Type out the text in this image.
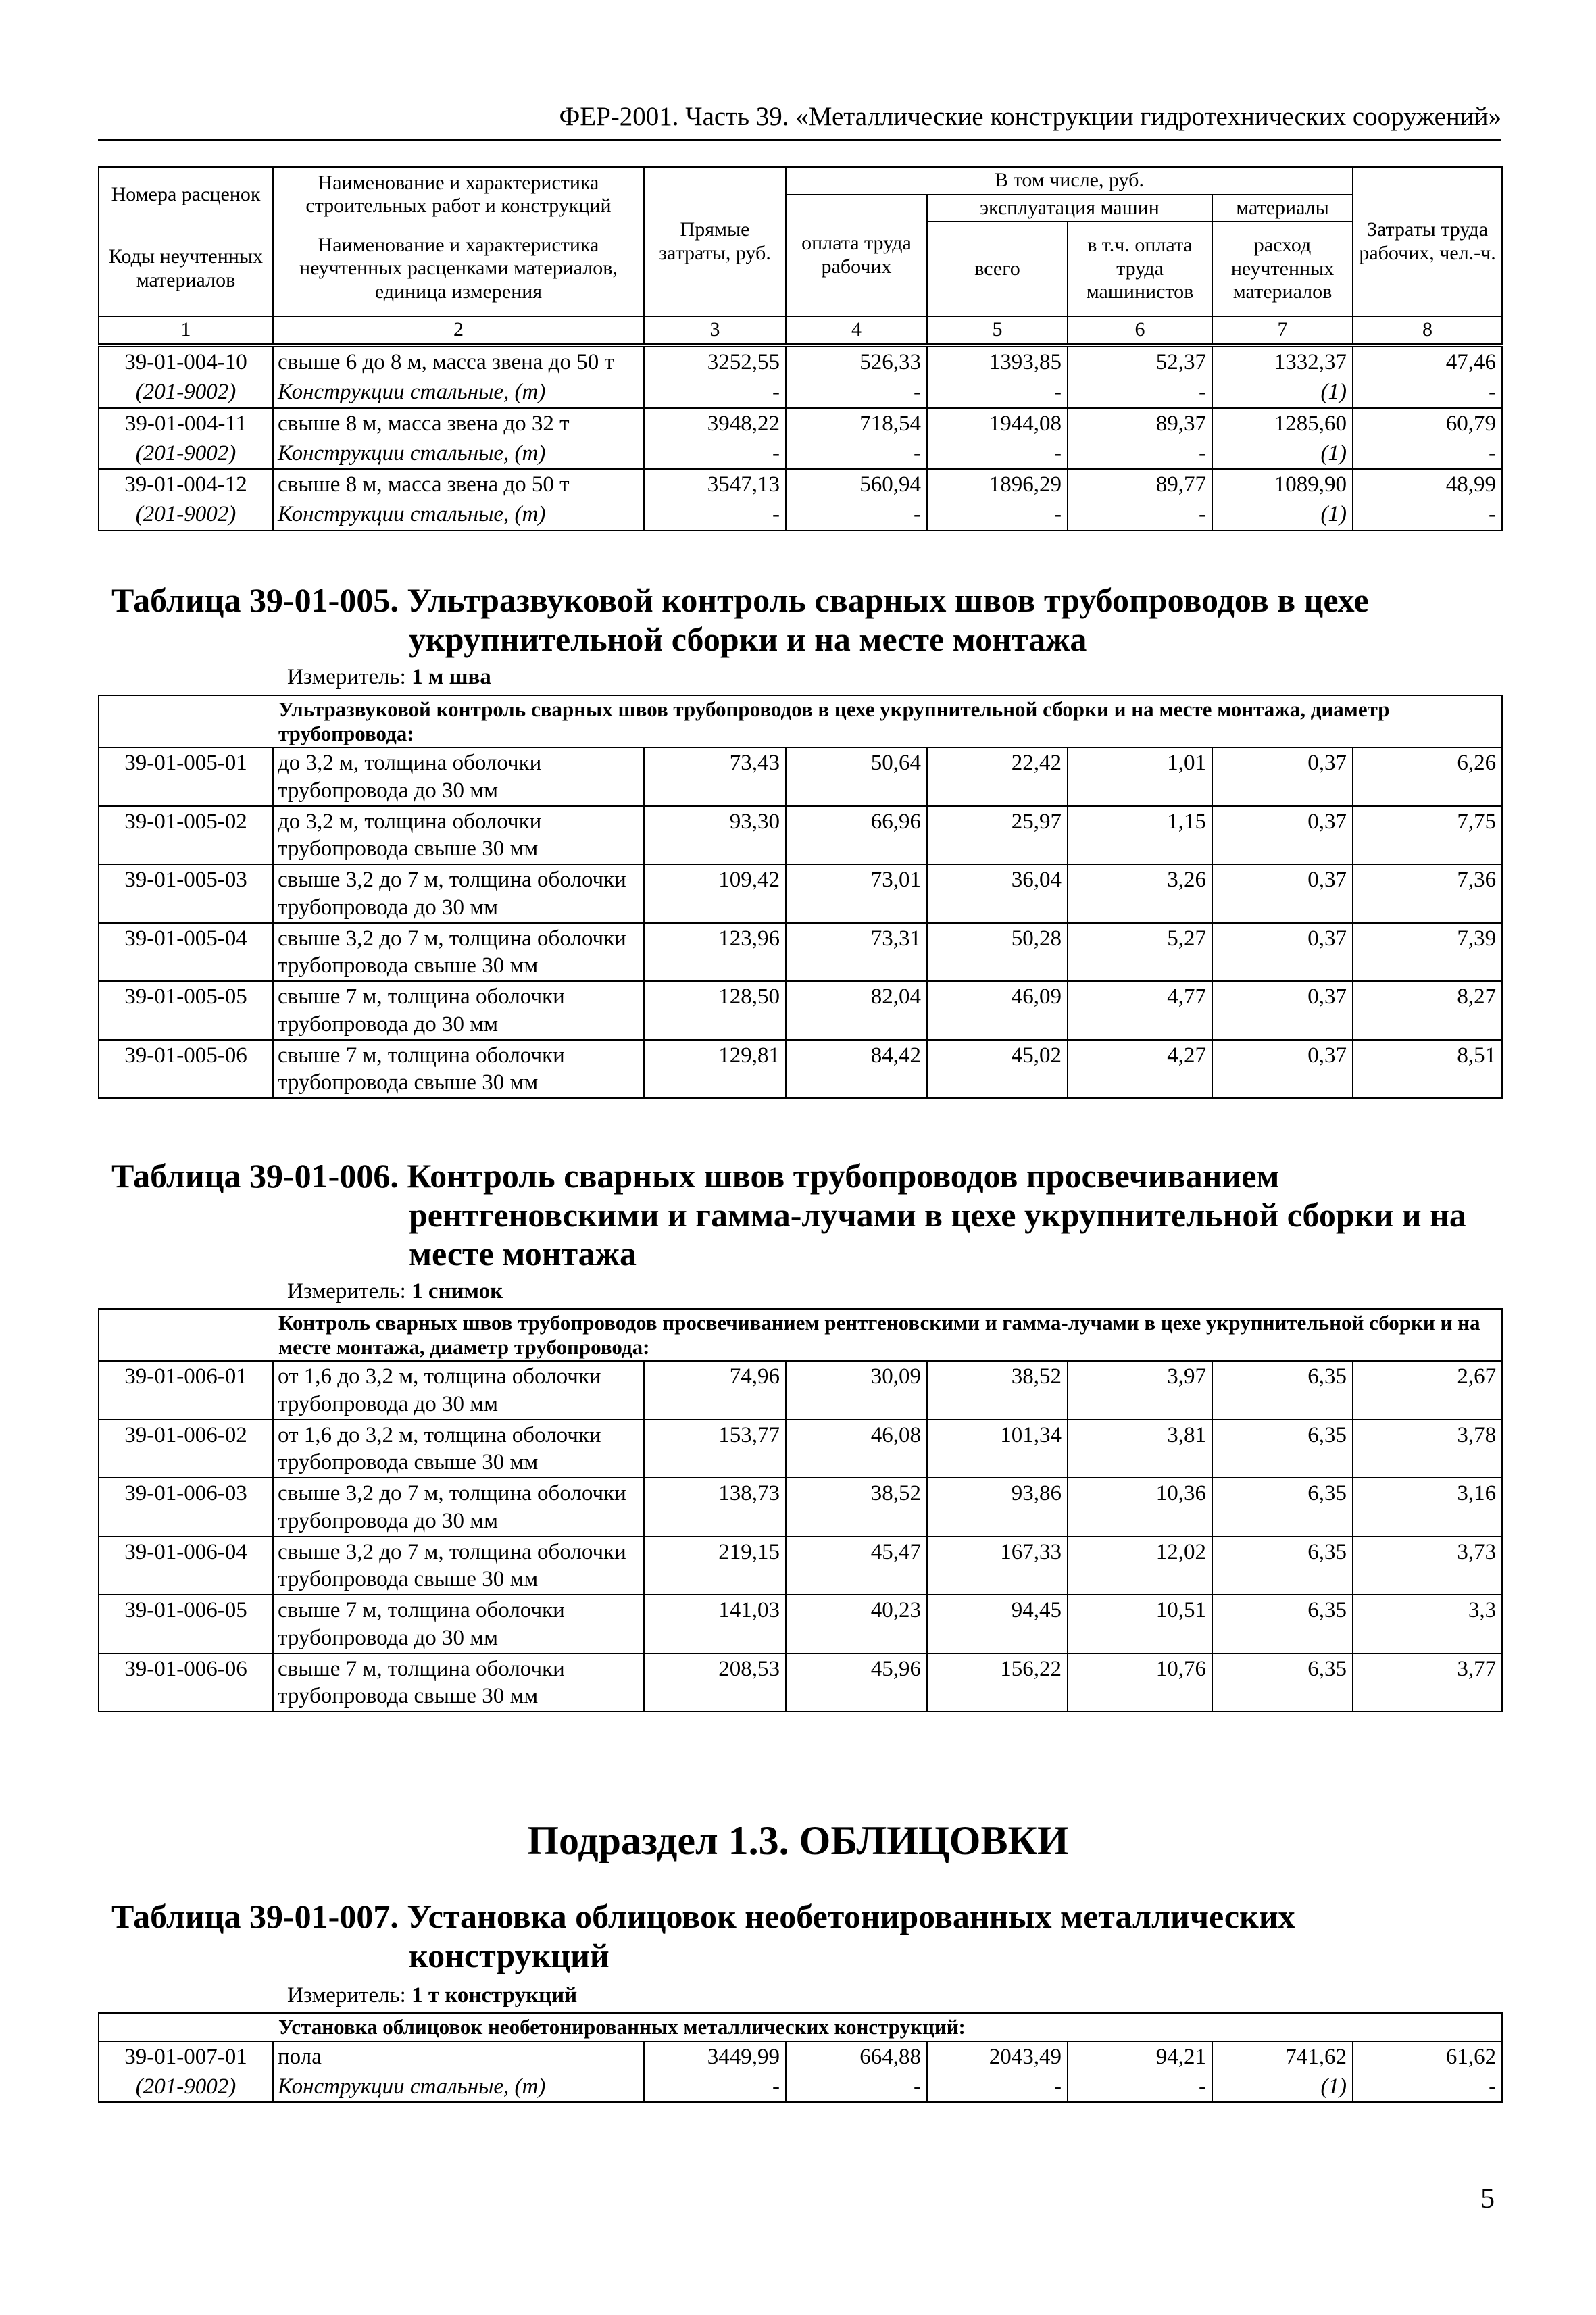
ФЕР-2001. Часть 39. «Металлические конструкции гидротехнических сооружений»
Номера расценок	Наименование и характеристика строительных работ и конструкций	Прямые затраты, руб.	В том числе, руб.				Затраты труда рабочих, чел.-ч.
			оплата труда рабочих	эксплуатация машин		материалы	
Коды неучтенных материалов	Наименование и характеристика неучтенных расценками материалов, единица измерения			всего	в т.ч. оплата труда машинистов	расход неучтенных материалов	

1	2	3	4	5	6	7	8
39-01-004-10	свыше 6 до 8 м, масса звена до 50 т	3252,55	526,33	1393,85	52,37	1332,37	47,46
(201-9002)	Конструкции стальные, (т)	-	-	-	-	(1)	-
39-01-004-11	свыше 8 м, масса звена до 32 т	3948,22	718,54	1944,08	89,37	1285,60	60,79
(201-9002)	Конструкции стальные, (т)	-	-	-	-	(1)	-
39-01-004-12	свыше 8 м, масса звена до 50 т	3547,13	560,94	1896,29	89,77	1089,90	48,99
(201-9002)	Конструкции стальные, (т)	-	-	-	-	(1)	-
Таблица 39-01-005. Ультразвуковой контроль сварных швов трубопроводов в цехе
укрупнительной сборки и на месте монтажа
Измеритель: 1 м шва
	Ультразвуковой контроль сварных швов трубопроводов в цехе укрупнительной сборки и на месте монтажа, диаметр трубопровода:						
39-01-005-01	до 3,2 м, толщина оболочки трубопровода до 30 мм	73,43	50,64	22,42	1,01	0,37	6,26
39-01-005-02	до 3,2 м, толщина оболочки трубопровода свыше 30 мм	93,30	66,96	25,97	1,15	0,37	7,75
39-01-005-03	свыше 3,2 до 7 м, толщина оболочки трубопровода до 30 мм	109,42	73,01	36,04	3,26	0,37	7,36
39-01-005-04	свыше 3,2 до 7 м, толщина оболочки трубопровода свыше 30 мм	123,96	73,31	50,28	5,27	0,37	7,39
39-01-005-05	свыше 7 м, толщина оболочки трубопровода до 30 мм	128,50	82,04	46,09	4,77	0,37	8,27
39-01-005-06	свыше 7 м, толщина оболочки трубопровода свыше 30 мм	129,81	84,42	45,02	4,27	0,37	8,51
Таблица 39-01-006. Контроль сварных швов трубопроводов просвечиванием
рентгеновскими и гамма-лучами в цехе укрупнительной сборки и на
месте монтажа
Измеритель: 1 снимок
	Контроль сварных швов трубопроводов просвечиванием рентгеновскими и гамма-лучами в цехе укрупнительной сборки и на месте монтажа, диаметр трубопровода:						
39-01-006-01	от 1,6 до 3,2 м, толщина оболочки трубопровода до 30 мм	74,96	30,09	38,52	3,97	6,35	2,67
39-01-006-02	от 1,6 до 3,2 м, толщина оболочки трубопровода свыше 30 мм	153,77	46,08	101,34	3,81	6,35	3,78
39-01-006-03	свыше 3,2 до 7 м, толщина оболочки трубопровода до 30 мм	138,73	38,52	93,86	10,36	6,35	3,16
39-01-006-04	свыше 3,2 до 7 м, толщина оболочки трубопровода свыше 30 мм	219,15	45,47	167,33	12,02	6,35	3,73
39-01-006-05	свыше 7 м, толщина оболочки трубопровода до 30 мм	141,03	40,23	94,45	10,51	6,35	3,3
39-01-006-06	свыше 7 м, толщина оболочки трубопровода свыше 30 мм	208,53	45,96	156,22	10,76	6,35	3,77
Подраздел 1.3. ОБЛИЦОВКИ
Таблица 39-01-007. Установка облицовок необетонированных металлических
конструкций
Измеритель: 1 т конструкций
	Установка облицовок необетонированных металлических конструкций:						
39-01-007-01	пола	3449,99	664,88	2043,49	94,21	741,62	61,62
(201-9002)	Конструкции стальные, (т)	-	-	-	-	(1)	-
5
